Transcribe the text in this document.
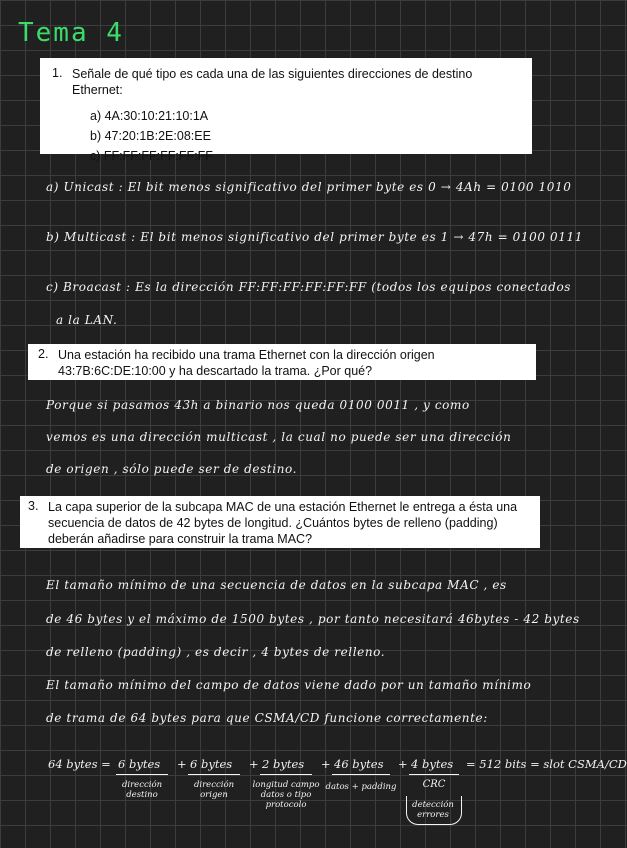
Tema 4
1. Señale de qué tipo es cada una de las siguientes direcciones de destino Ethernet:
a) 4A:30:10:21:10:1A
b) 47:20:1B:2E:08:EE
c) FF:FF:FF:FF:FF:FF
a) Unicast : El bit menos significativo del primer byte es 0 → 4Ah = 0100 1010
b) Multicast : El bit menos significativo del primer byte es 1 → 47h = 0100 0111
c) Broacast : Es la dirección FF:FF:FF:FF:FF:FF (todos los equipos conectados
a la LAN.
2. Una estación ha recibido una trama Ethernet con la dirección origen 43:7B:6C:DE:10:00 y ha descartado la trama. ¿Por qué?
Porque si pasamos 43h a binario nos queda 0100 0011 , y como
vemos es una dirección multicast , la cual no puede ser una dirección
de origen , sólo puede ser de destino.
3. La capa superior de la subcapa MAC de una estación Ethernet le entrega a ésta una secuencia de datos de 42 bytes de longitud. ¿Cuántos bytes de relleno (padding) deberán añadirse para construir la trama MAC?
El tamaño mínimo de una secuencia de datos en la subcapa MAC , es
de 46 bytes y el máximo de 1500 bytes , por tanto necesitará 46bytes - 42 bytes
de relleno (padding) , es decir , 4 bytes de relleno.
El tamaño mínimo del campo de datos viene dado por un tamaño mínimo
de trama de 64 bytes para que CSMA/CD funcione correctamente:
64 bytes = 6 bytes
dirección destino
+ 6 bytes
dirección origen
+ 2 bytes
longitud campo datos o tipo protocolo
+ 46 bytes
datos + padding
+ 4 bytes
CRC
detección errores
= 512 bits = slot CSMA/CD
